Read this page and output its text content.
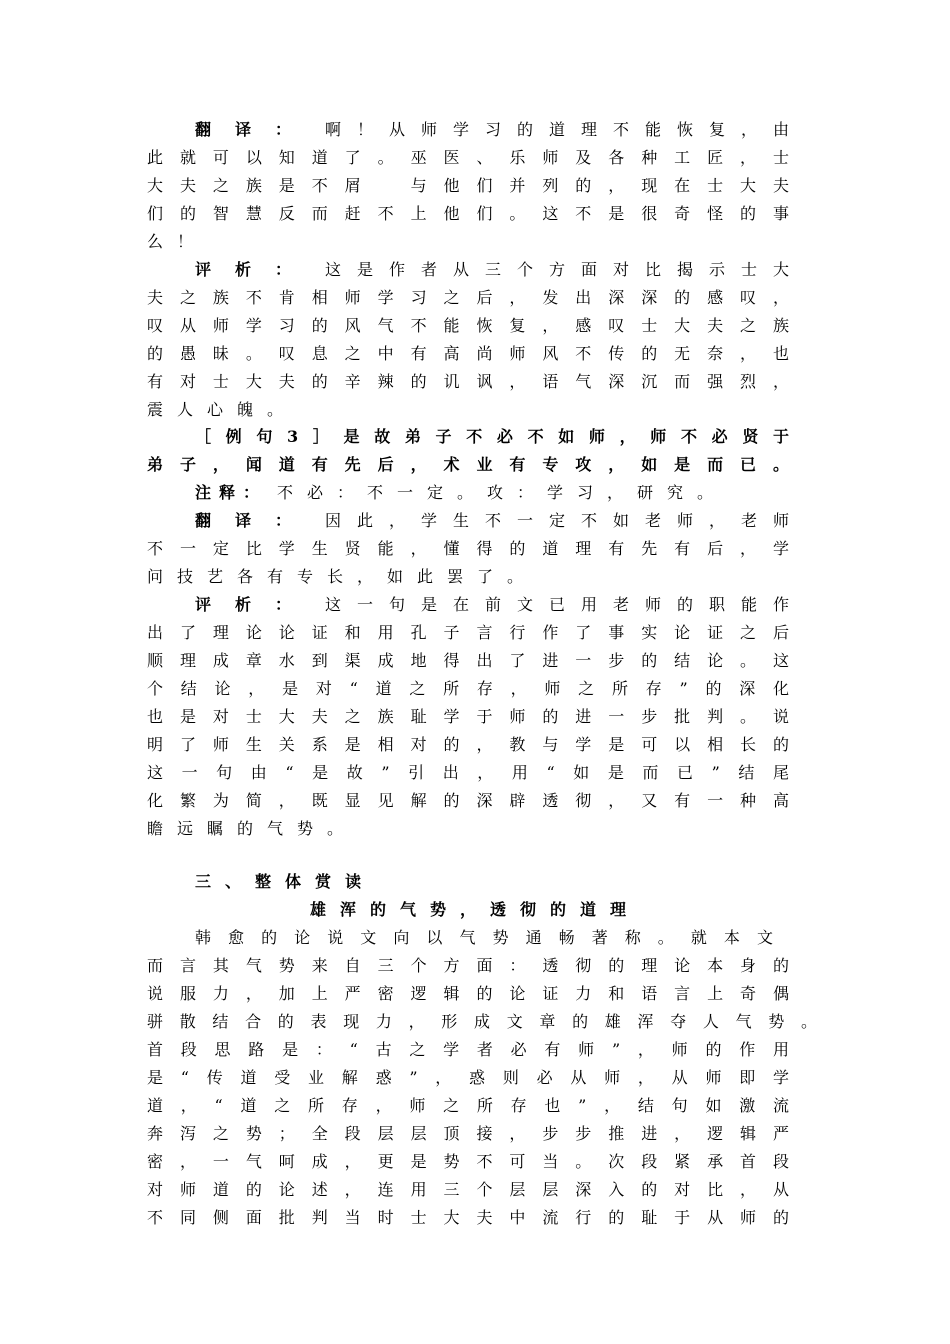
翻译： 啊！从师学习的道理不能恢复，由
此就可以知道了。巫医、乐师及各种工匠，士
大夫之族是不屑　与他们并列的，现在士大夫
们的智慧反而赶不上他们。这不是很奇怪的事
么！
评析： 这是作者从三个方面对比揭示士大
夫之族不肯相师学习之后，发出深深的感叹，
叹从师学习的风气不能恢复，感叹士大夫之族
的愚昧。叹息之中有高尚师风不传的无奈，也
有对士大夫的辛辣的讥讽，语气深沉而强烈，
震人心魄。
［例句3］是故弟子不必不如师，师不必贤于
弟子，闻道有先后，术业有专攻，如是而已。
注释： 不必：不一定。攻：学习，研究。
翻译： 因此，学生不一定不如老师，老师
不一定比学生贤能，懂得的道理有先有后，学
问技艺各有专长，如此罢了。
评析： 这一句是在前文已用老师的职能作
出了理论论证和用孔子言行作了事实论证之后
顺理成章水到渠成地得出了进一步的结论。这
个结论，是对“道之所存，师之所存”的深化
也是对士大夫之族耻学于师的进一步批判。说
明了师生关系是相对的，教与学是可以相长的
这一句由“是故”引出，用“如是而已”结尾
化繁为简，既显见解的深辟透彻，又有一种高
瞻远瞩的气势。
三、整体赏读
雄浑的气势，透彻的道理
韩愈的论说文向以气势通畅著称。就本文
而言其气势来自三个方面：透彻的理论本身的
说服力，加上严密逻辑的论证力和语言上奇偶
骈散结合的表现力，形成文章的雄浑夺人气势。
首段思路是：“古之学者必有师”，师的作用
是“传道受业解惑”，惑则必从师，从师即学
道，“道之所存，师之所存也”，结句如激流
奔泻之势；全段层层顶接，步步推进，逻辑严
密，一气呵成，更是势不可当。次段紧承首段
对师道的论述，连用三个层层深入的对比，从
不同侧面批判当时士大夫中流行的耻于从师的
